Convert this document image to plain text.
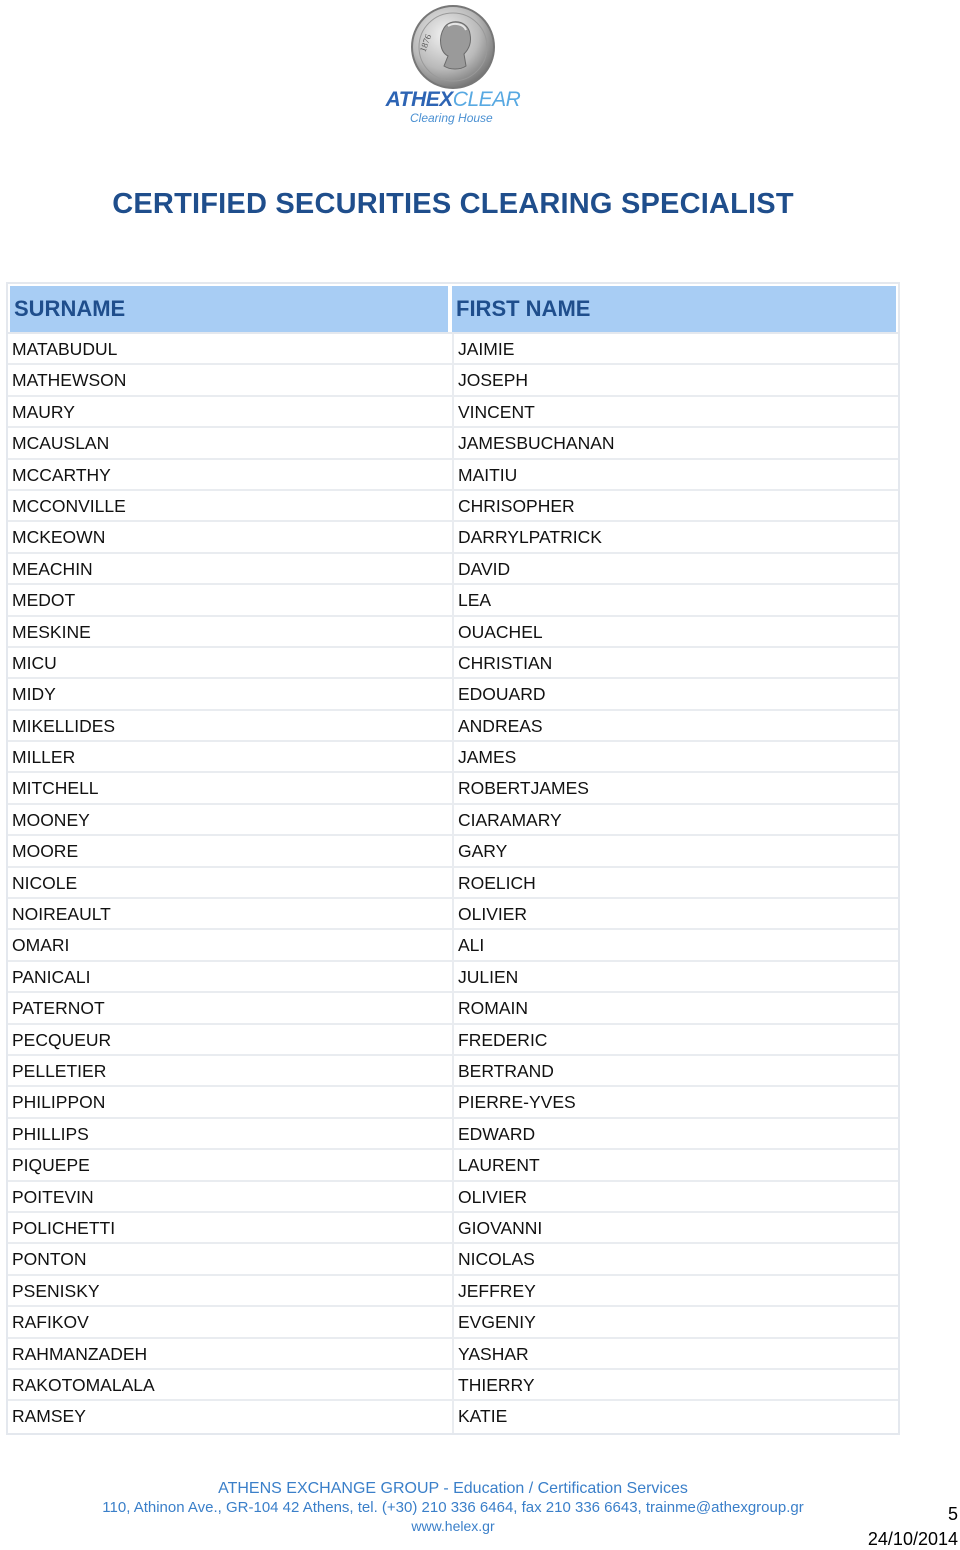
1876
ATHEXCLEAR
Clearing House
CERTIFIED SECURITIES CLEARING SPECIALIST
SURNAME	FIRST NAME
MATABUDUL	JAIMIE
MATHEWSON	JOSEPH
MAURY	VINCENT
MCAUSLAN	JAMESBUCHANAN
MCCARTHY	MAITIU
MCCONVILLE	CHRISOPHER
MCKEOWN	DARRYLPATRICK
MEACHIN	DAVID
MEDOT	LEA
MESKINE	OUACHEL
MICU	CHRISTIAN
MIDY	EDOUARD
MIKELLIDES	ANDREAS
MILLER	JAMES
MITCHELL	ROBERTJAMES
MOONEY	CIARAMARY
MOORE	GARY
NICOLE	ROELICH
NOIREAULT	OLIVIER
OMARI	ALI
PANICALI	JULIEN
PATERNOT	ROMAIN
PECQUEUR	FREDERIC
PELLETIER	BERTRAND
PHILIPPON	PIERRE-YVES
PHILLIPS	EDWARD
PIQUEPE	LAURENT
POITEVIN	OLIVIER
POLICHETTI	GIOVANNI
PONTON	NICOLAS
PSENISKY	JEFFREY
RAFIKOV	EVGENIY
RAHMANZADEH	YASHAR
RAKOTOMALALA	THIERRY
RAMSEY	KATIE
ATHENS EXCHANGE GROUP - Education / Certification Services
110, Athinon Ave., GR-104 42 Athens, tel. (+30) 210 336 6464, fax 210 336 6643, trainme@athexgroup.gr
www.helex.gr
5
24/10/2014
